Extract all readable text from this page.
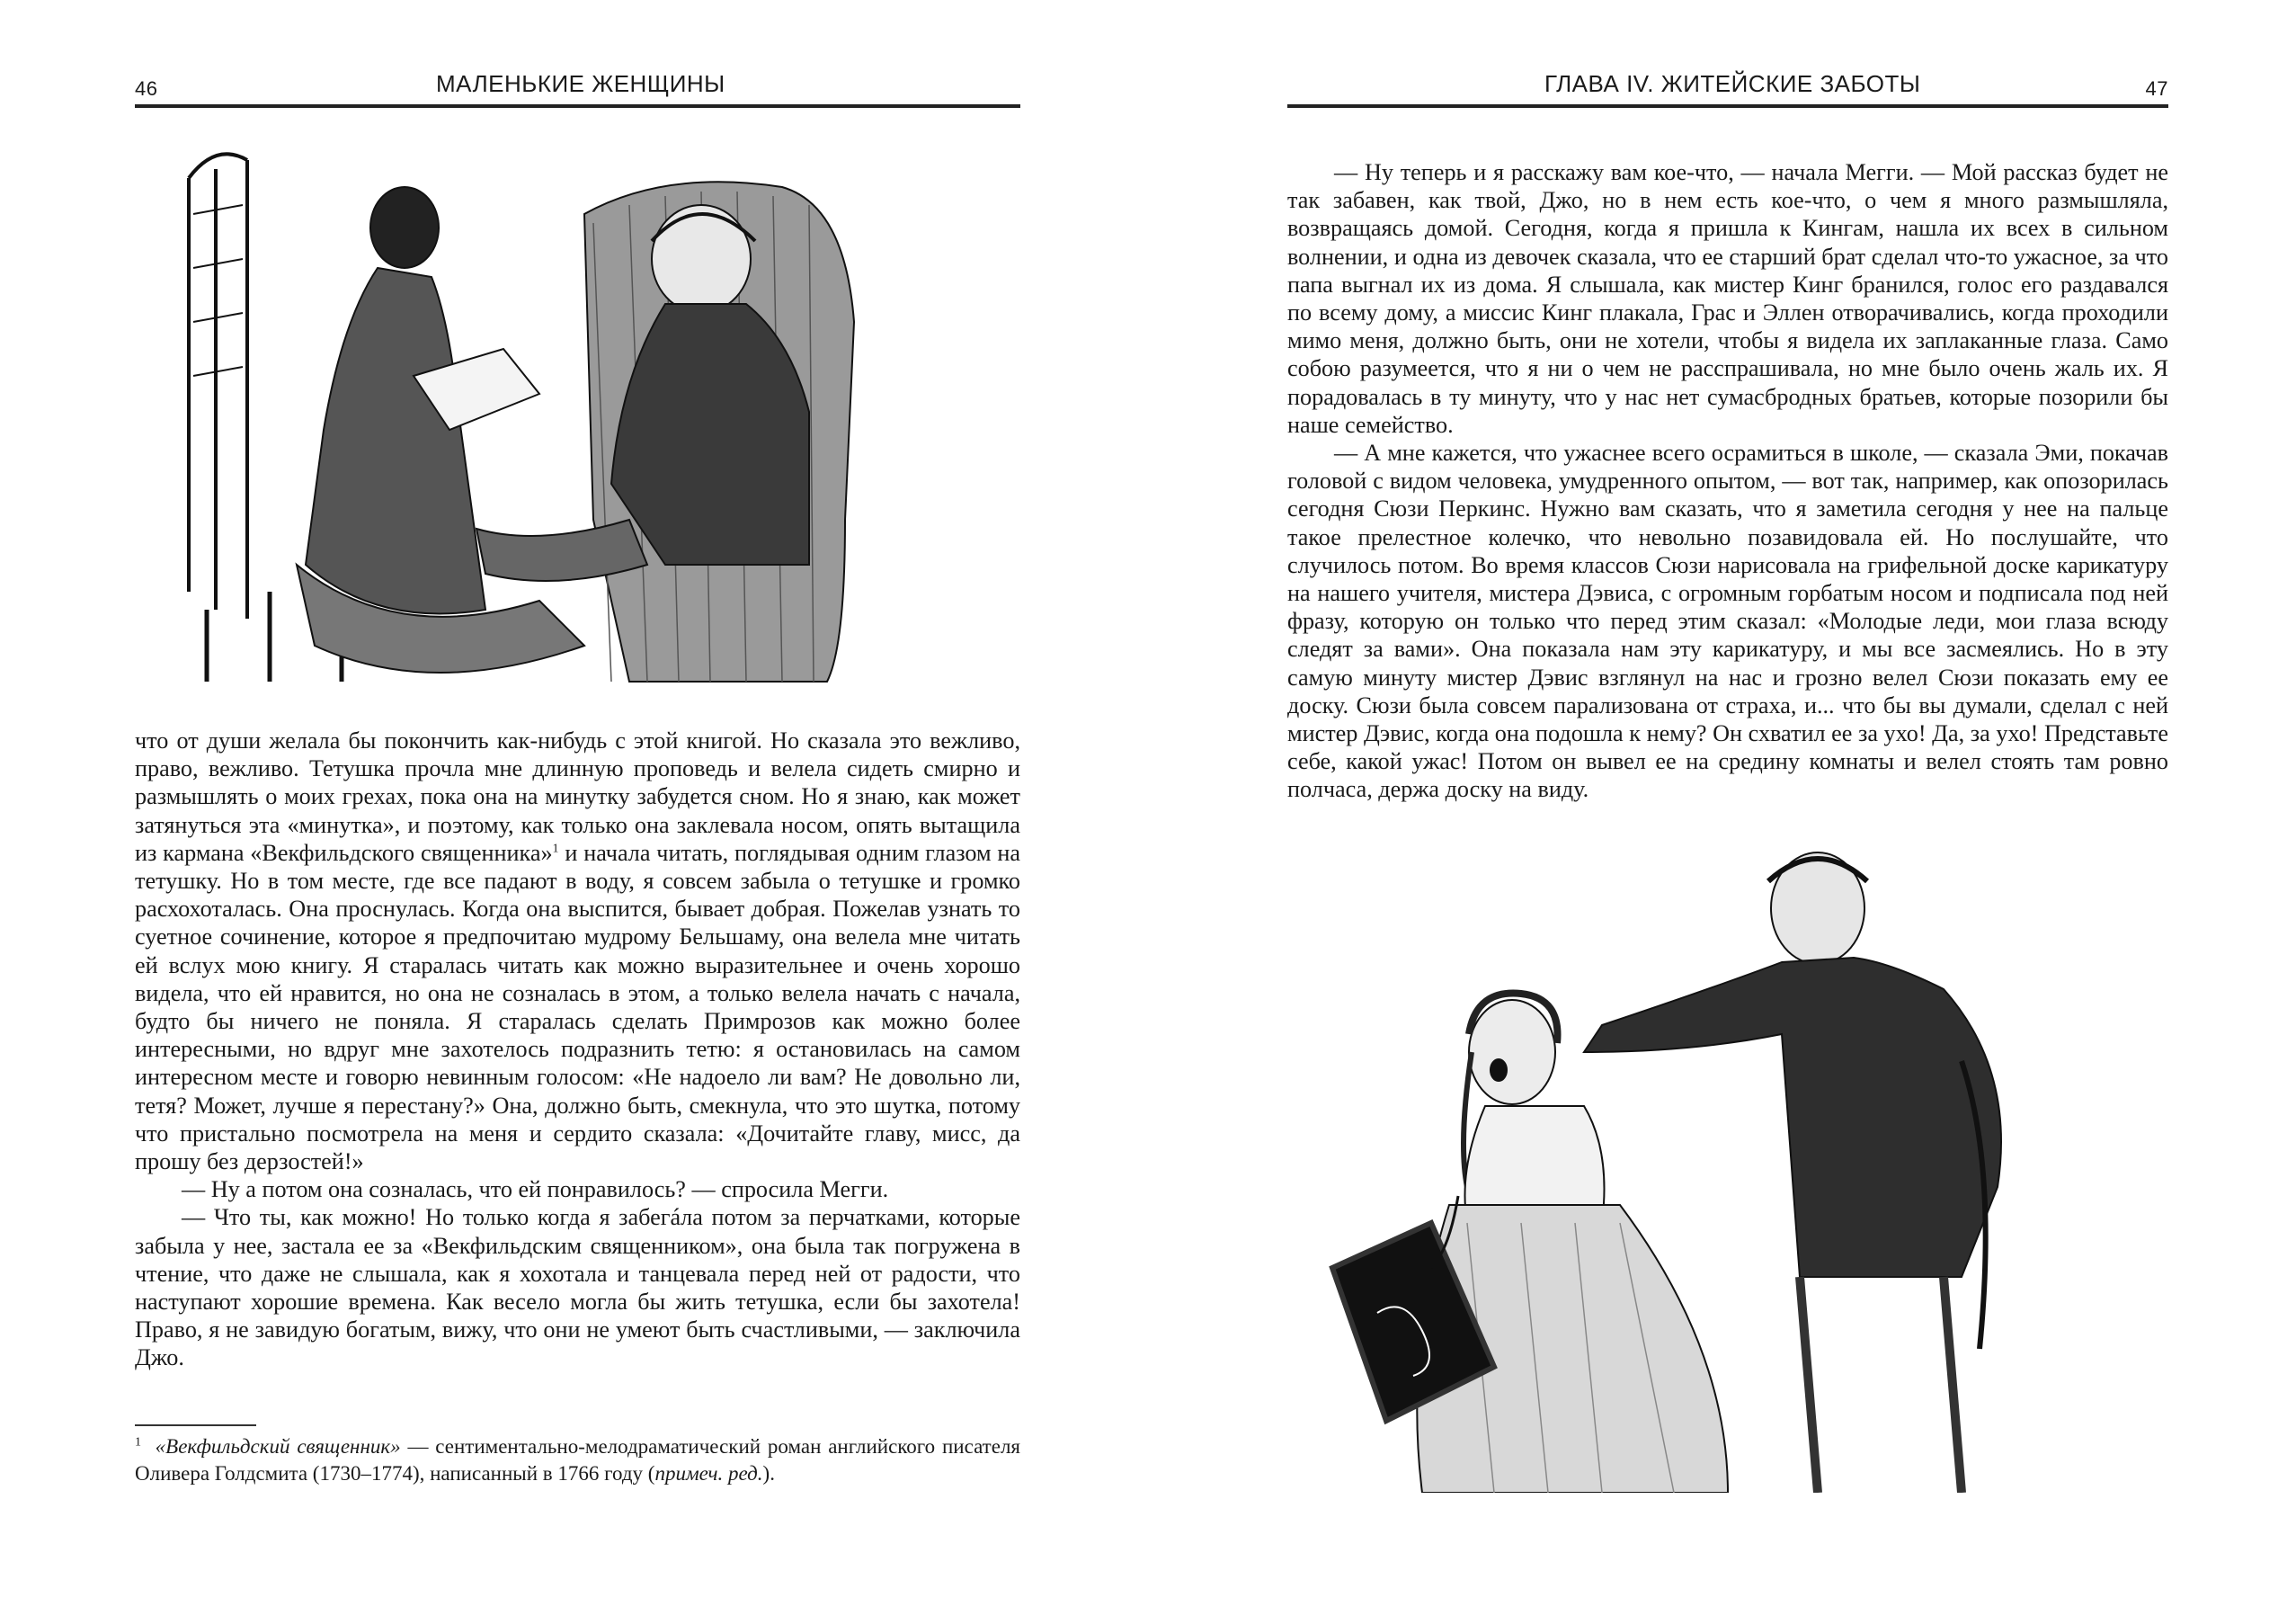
46	МАЛЕНЬКИЕ ЖЕНЩИНЫ

что от души желала бы покончить как-нибудь с этой книгой. Но сказала это вежливо, право, вежливо. Тетушка прочла мне длинную проповедь и велела сидеть смирно и размышлять о моих грехах, пока она на минутку забудется сном. Но я знаю, как может затянуться эта «минутка», и поэтому, как только она заклевала носом, опять вытащила из кармана «Векфильдского священника»$^1$ и начала читать, поглядывая одним глазом на тетушку. Но в том месте, где все падают в воду, я совсем забыла о тетушке и громко расхохоталась. Она проснулась. Когда она выспится, бывает добрая. Пожелав узнать то суетное сочинение, которое я предпочитаю мудрому Бельшаму, она велела мне читать ей вслух мою книгу. Я старалась читать как можно выразительнее и очень хорошо видела, что ей нравится, но она не созналась в этом, а только велела начать с начала, будто бы ничего не поняла. Я старалась сделать Примрозов как можно более интересными, но вдруг мне захотелось подразнить тетю: я остановилась на самом интересном месте и говорю невинным голосом: «Не надоело ли вам? Не довольно ли, тетя? Может, лучше я перестану?» Она, должно быть, смекнула, что это шутка, потому что пристально посмотрела на меня и сердито сказала: «Дочитайте главу, мисс, да прошу без дерзостей!»

— Ну а потом она созналась, что ей понравилось? — спросила Мегги.

— Что ты, как можно! Но только когда я забегáла потом за перчатками, которые забыла у нее, застала ее за «Векфильдским священником», она была так погружена в чтение, что даже не слышала, как я хохотала и танцевала перед ней от радости, что наступают хорошие времена. Как весело могла бы жить тетушка, если бы захотела! Право, я не завидую богатым, вижу, что они не умеют быть счастливыми, — заключила Джо.

$^1$ «Векфильдский священник» — сентиментально-мелодраматический роман английского писателя Оливера Голдсмита (1730–1774), написанный в 1766 году (примеч. ред.).
ГЛАВА IV. ЖИТЕЙСКИЕ ЗАБОТЫ	47

— Ну теперь и я расскажу вам кое-что, — начала Мегги. — Мой рассказ будет не так забавен, как твой, Джо, но в нем есть кое-что, о чем я много размышляла, возвращаясь домой. Сегодня, когда я пришла к Кингам, нашла их всех в сильном волнении, и одна из девочек сказала, что ее старший брат сделал что-то ужасное, за что папа выгнал их из дома. Я слышала, как мистер Кинг бранился, голос его раздавался по всему дому, а миссис Кинг плакала, Грас и Эллен отворачивались, когда проходили мимо меня, должно быть, они не хотели, чтобы я видела их заплаканные глаза. Само собою разумеется, что я ни о чем не расспрашивала, но мне было очень жаль их. Я порадовалась в ту минуту, что у нас нет сумасбродных братьев, которые позорили бы наше семейство.

— А мне кажется, что ужаснее всего осрамиться в школе, — сказала Эми, покачав головой с видом человека, умудренного опытом, — вот так, например, как опозорилась сегодня Сюзи Перкинс. Нужно вам сказать, что я заметила сегодня у нее на пальце такое прелестное колечко, что невольно позавидовала ей. Но послушайте, что случилось потом. Во время классов Сюзи нарисовала на грифельной доске карикатуру на нашего учителя, мистера Дэвиса, с огромным горбатым носом и подписала под ней фразу, которую он только что перед этим сказал: «Молодые леди, мои глаза всюду следят за вами». Она показала нам эту карикатуру, и мы все засмеялись. Но в эту самую минуту мистер Дэвис взглянул на нас и грозно велел Сюзи показать ему ее доску. Сюзи была совсем парализована от страха, и... что бы вы думали, сделал с ней мистер Дэвис, когда она подошла к нему? Он схватил ее за ухо! Да, за ухо! Представьте себе, какой ужас! Потом он вывел ее на средину комнаты и велел стоять там ровно полчаса, держа доску на виду.
